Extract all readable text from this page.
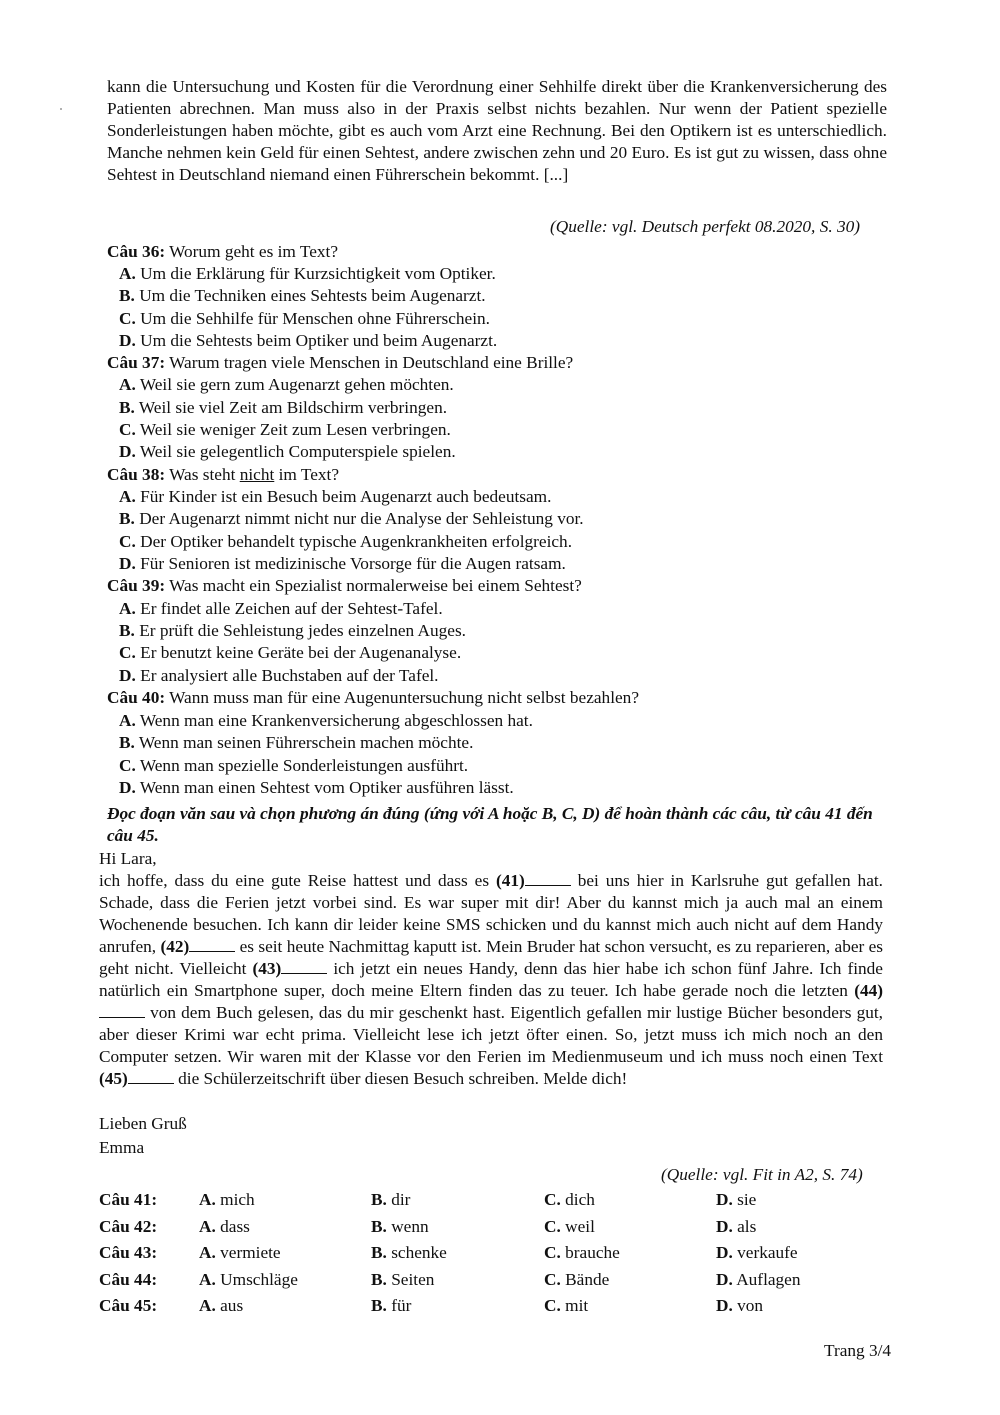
kann die Untersuchung und Kosten für die Verordnung einer Sehhilfe direkt über die Krankenversicherung des Patienten abrechnen. Man muss also in der Praxis selbst nichts bezahlen. Nur wenn der Patient spezielle Sonderleistungen haben möchte, gibt es auch vom Arzt eine Rechnung. Bei den Optikern ist es unterschiedlich. Manche nehmen kein Geld für einen Sehtest, andere zwischen zehn und 20 Euro. Es ist gut zu wissen, dass ohne Sehtest in Deutschland niemand einen Führerschein bekommt. [...]

(Quelle: vgl. Deutsch perfekt 08.2020, S. 30)
Câu 36: Worum geht es im Text?
A. Um die Erklärung für Kurzsichtigkeit vom Optiker.
B. Um die Techniken eines Sehtests beim Augenarzt.
C. Um die Sehhilfe für Menschen ohne Führerschein.
D. Um die Sehtests beim Optiker und beim Augenarzt.
Câu 37: Warum tragen viele Menschen in Deutschland eine Brille?
A. Weil sie gern zum Augenarzt gehen möchten.
B. Weil sie viel Zeit am Bildschirm verbringen.
C. Weil sie weniger Zeit zum Lesen verbringen.
D. Weil sie gelegentlich Computerspiele spielen.
Câu 38: Was steht nicht im Text?
A. Für Kinder ist ein Besuch beim Augenarzt auch bedeutsam.
B. Der Augenarzt nimmt nicht nur die Analyse der Sehleistung vor.
C. Der Optiker behandelt typische Augenkrankheiten erfolgreich.
D. Für Senioren ist medizinische Vorsorge für die Augen ratsam.
Câu 39: Was macht ein Spezialist normalerweise bei einem Sehtest?
A. Er findet alle Zeichen auf der Sehtest-Tafel.
B. Er prüft die Sehleistung jedes einzelnen Auges.
C. Er benutzt keine Geräte bei der Augenanalyse.
D. Er analysiert alle Buchstaben auf der Tafel.
Câu 40: Wann muss man für eine Augenuntersuchung nicht selbst bezahlen?
A. Wenn man eine Krankenversicherung abgeschlossen hat.
B. Wenn man seinen Führerschein machen möchte.
C. Wenn man spezielle Sonderleistungen ausführt.
D. Wenn man einen Sehtest vom Optiker ausführen lässt.
Đọc đoạn văn sau và chọn phương án đúng (ứng với A hoặc B, C, D) để hoàn thành các câu, từ câu 41 đến câu 45.
Hi Lara,

ich hoffe, dass du eine gute Reise hattest und dass es (41)	bei uns hier in Karlsruhe gut gefallen hat. Schade, dass die Ferien jetzt vorbei sind. Es war super mit dir! Aber du kannst mich ja auch mal an einem Wochenende besuchen. Ich kann dir leider keine SMS schicken und du kannst mich auch nicht auf dem Handy anrufen, (42)	es seit heute Nachmittag kaputt ist. Mein Bruder hat schon versucht, es zu reparieren, aber es geht nicht. Vielleicht (43)	ich jetzt ein neues Handy, denn das hier habe ich schon fünf Jahre. Ich finde natürlich ein Smartphone super, doch meine Eltern finden das zu teuer. Ich habe gerade noch die letzten (44) von dem Buch gelesen, das du mir geschenkt hast. Eigentlich gefallen mir lustige Bücher besonders gut, aber dieser Krimi war echt prima. Vielleicht lese ich jetzt öfter einen. So, jetzt muss ich mich noch an den Computer setzen. Wir waren mit der Klasse vor den Ferien im Medienmuseum und ich muss noch einen Text (45)	die Schülerzeitschrift über diesen Besuch schreiben. Melde dich!

Lieben Gruß
Emma
(Quelle: vgl. Fit in A2, S. 74)
Câu 41: A. mich	B. dir	C. dich	D. sie
Câu 42: A. dass	B. wenn	C. weil	D. als
Câu 43: A. vermiete	B. schenke	C. brauche	D. verkaufe
Câu 44: A. Umschläge	B. Seiten	C. Bände	D. Auflagen
Câu 45: A. aus	B. für	C. mit	D. von
Trang 3/4
